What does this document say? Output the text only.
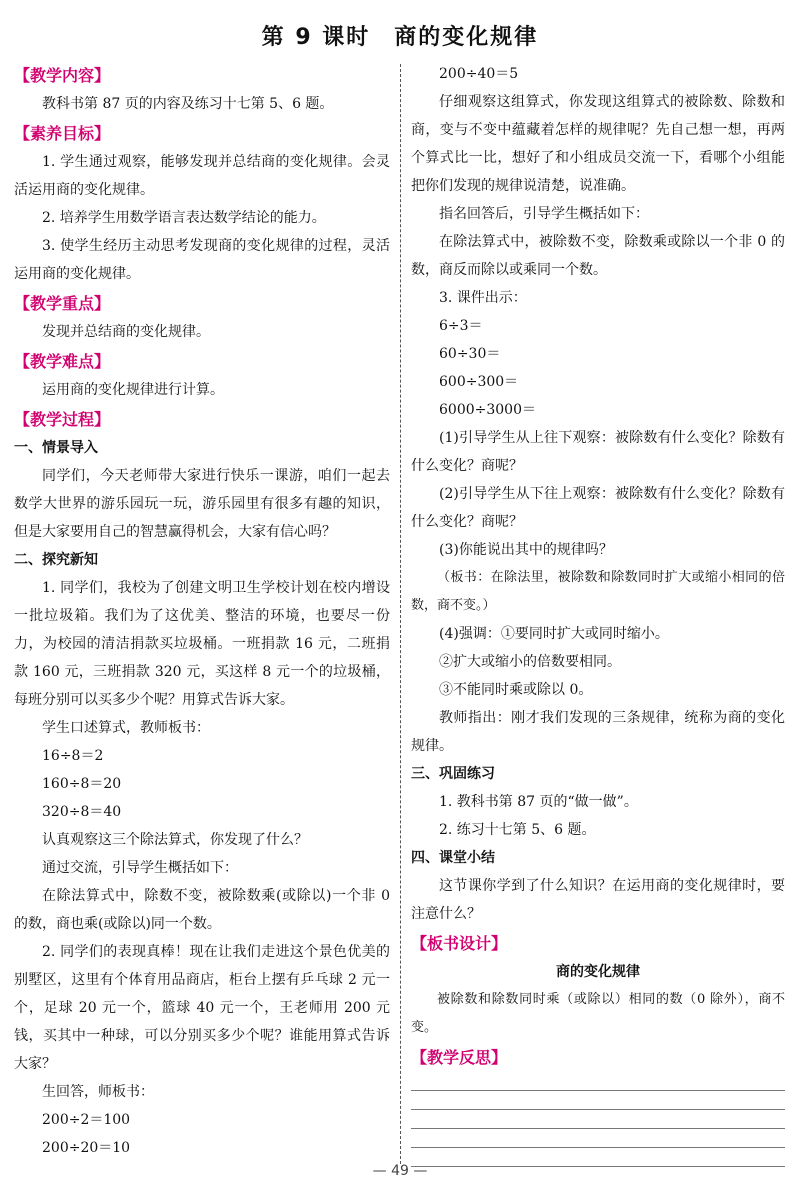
第 9 课时　商的变化规律

【教学内容】

教科书第 87 页的内容及练习十七第 5、6 题。

【素养目标】

1. 学生通过观察，能够发现并总结商的变化规律。会灵活运用商的变化规律。

2. 培养学生用数学语言表达数学结论的能力。

3. 使学生经历主动思考发现商的变化规律的过程，灵活运用商的变化规律。

【教学重点】

发现并总结商的变化规律。

【教学难点】

运用商的变化规律进行计算。

【教学过程】

一、情景导入

同学们，今天老师带大家进行快乐一课游，咱们一起去数学大世界的游乐园玩一玩，游乐园里有很多有趣的知识，但是大家要用自己的智慧赢得机会，大家有信心吗？

二、探究新知

1. 同学们，我校为了创建文明卫生学校计划在校内增设一批垃圾箱。我们为了这优美、整洁的环境，也要尽一份力，为校园的清洁捐款买垃圾桶。一班捐款 16 元，二班捐款 160 元，三班捐款 320 元，买这样 8 元一个的垃圾桶，每班分别可以买多少个呢？用算式告诉大家。

学生口述算式，教师板书：

16÷8＝2

160÷8＝20

320÷8＝40

认真观察这三个除法算式，你发现了什么？

通过交流，引导学生概括如下：

在除法算式中，除数不变，被除数乘(或除以)一个非 0 的数，商也乘(或除以)同一个数。

2. 同学们的表现真棒！现在让我们走进这个景色优美的别墅区，这里有个体育用品商店，柜台上摆有乒乓球 2 元一个，足球 20 元一个，篮球 40 元一个，王老师用 200 元钱，买其中一种球，可以分别买多少个呢？谁能用算式告诉大家？

生回答，师板书：

200÷2＝100

200÷20＝10

200÷40＝5

仔细观察这组算式，你发现这组算式的被除数、除数和商，变与不变中蕴藏着怎样的规律呢？先自己想一想，再两个算式比一比，想好了和小组成员交流一下，看哪个小组能把你们发现的规律说清楚，说准确。

指名回答后，引导学生概括如下：

在除法算式中，被除数不变，除数乘或除以一个非 0 的数，商反而除以或乘同一个数。

3. 课件出示：

6÷3＝

60÷30＝

600÷300＝

6000÷3000＝

(1)引导学生从上往下观察：被除数有什么变化？除数有什么变化？商呢？

(2)引导学生从下往上观察：被除数有什么变化？除数有什么变化？商呢？

(3)你能说出其中的规律吗？

（板书：在除法里，被除数和除数同时扩大或缩小相同的倍数，商不变。）

(4)强调：①要同时扩大或同时缩小。

②扩大或缩小的倍数要相同。

③不能同时乘或除以 0。

教师指出：刚才我们发现的三条规律，统称为商的变化规律。

三、巩固练习

1. 教科书第 87 页的“做一做”。

2. 练习十七第 5、6 题。

四、课堂小结

这节课你学到了什么知识？在运用商的变化规律时，要注意什么？

【板书设计】

商的变化规律

被除数和除数同时乘（或除以）相同的数（0 除外），商不变。

【教学反思】

— 49 —
